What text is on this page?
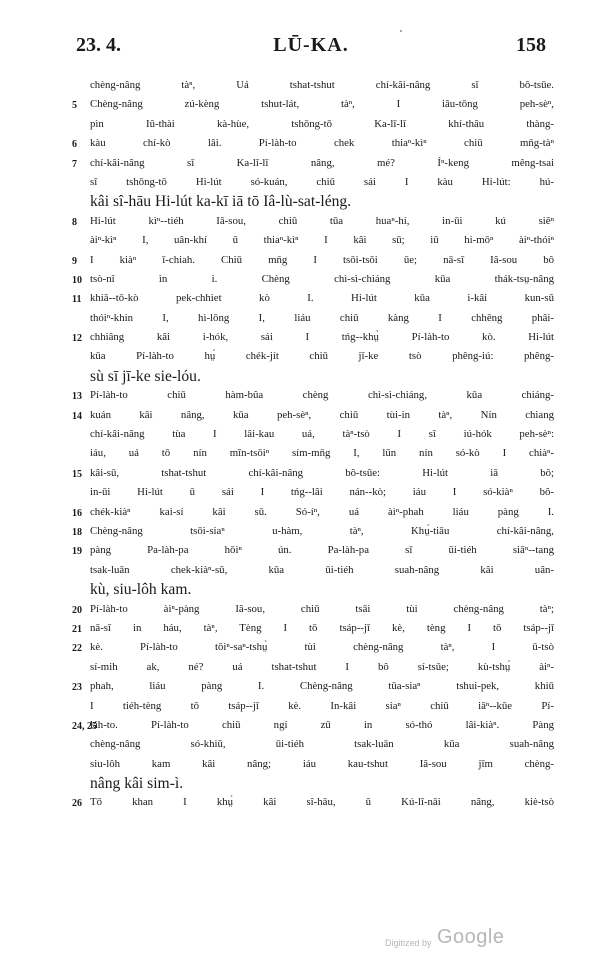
23. 4.	LŪ-KA.	158
chèng-nâng tàⁿ, Uá tshat-tshut chí-kâi-nâng sī bô-tsūe.
5	Chèng-nâng zú-kèng tshut-lát, tàⁿ, I iâu-tōng peh-sèⁿ,
pìn Iû-thài kà-hùe, tshōng-tō Ka-lī-lī khí-thâu thàng-
6	kàu chí-kò lâi. Pí-làh-to chek thiaⁿ-kìⁿ chiū mn̄g-tàⁿ
7	chí-kâi-nâng sī Ka-lī-lī nâng, mé? Íⁿ-keng mêng-tsai
sī tshōng-tō Hi-lút só-kuán, chiū sái I kàu Hi-lút: hú-
kâi sî-hāu Hi-lút ka-kī iā tō Iâ-lù-sat-léng.
8	Hi-lút kìⁿ-‑tiéh Iâ-sou, chiū tūa huaⁿ-hí, in-ūi kú siēⁿ
àiⁿ-kìⁿ I, uân-khí ū thiaⁿ-kìⁿ I kâi sū; iū hi-mōⁿ àiⁿ-thóiⁿ
9	I kiàⁿ ī-chiah. Chiū mn̄g I tsōi-tsōi ūe; nā-sī Iâ-sou bô
10 tsò-nî ìn i. Chèng chì-sì-chiáng kūa thák-tsṳ-nâng
11 khiā-‑tō-kò pek-chhiet kò I. Hi-lút kūa i-kâi kun-sū
thóiⁿ-khin I, hì-lōng I, liáu chiū kàng I chhēng phâi-
12 chhiâng kâi i-hók, sái I tńg-‑khṳ̀ Pí-làh-to kò. Hi-lút
kūa Pí-làh-to hṳ́ chék-jít chiū jī-ke tsò phêng-iú: phêng-
sù sī jī-ke sie-lóu.
13 Pí-làh-to chiū hàm-bûa chèng chì-sì-chiáng, kūa chiáng-
14 kuán kâi nâng, kūa peh-sèⁿ, chiū tùi-in tàⁿ, Nín chiang
chí-kâi-nâng tùa I lâi-kau uá, tàⁿ-tsò I sī iú-hók peh-sèⁿ:
iáu, uá tō nín mīn-tsōiⁿ sím-mn̄g I, lūn nín só-kò I chiàⁿ-
15 kâi-sū, tshat-tshut chí-kâi-nâng bô-tsūe: Hi-lút iā bô;
in-ūi Hi-lút ū sái I tńg-‑lâi nán-‑kò; iáu I só-kiàⁿ bô-
16 chék-kiàⁿ kai-sí kâi sū. Só-íⁿ, uá àiⁿ-phah liáu pàng I.
18 Chèng-nâng tsōi-siaⁿ u-hàm, tàⁿ, Khṳ́-tiāu chí-kâi-nâng,
19 pàng Pa-làh-pa hōiⁿ ún. Pa-làh-pa sī ūi-tiéh siāⁿ-‑tang
tsak-luān chek-kiàⁿ-sū, kūa ūi-tiéh suah-nâng kâi uân-
kù, siu-lôh kam.
20 Pí-làh-to àiⁿ-pàng Iâ-sou, chiū tsāi tùi chèng-nâng tàⁿ;
21 nā-sī in háu, tàⁿ, Tèng I tō tsáp-‑jī kè, tèng I tō tsáp-‑jī
22 kè. Pí-làh-to tōiⁿ-saⁿ-tshṳ̀ tùi chèng-nâng tàⁿ, I ū-tsò
sí-mih ak, né? uá tshat-tshut I bô sí-tsūe; kù-tshṳ́ àiⁿ-
23 phah, liáu pàng I. Chèng-nâng tūa-siaⁿ tshui-pek, khiū
I tiéh-tèng tō tsáp-‑jī kè. In-kâi siaⁿ chiū iāⁿ-‑kūe Pí-
24, 25
láh-to. Pí-làh-to chiū ngí zū in só-thó lâi-kiàⁿ. Pàng
chèng-nâng só-khiū, ūi-tiéh tsak-luān kūa suah-nâng
siu-lôh kam kâi nâng; iáu kau-tshut Iâ-sou jīm chèng-
nâng kâi sim-ì.
26 Tō khan I khṳ̀ kâi sî-hāu, ū Kú-lī-nāi nâng, kiè-tsò
Digitized by Google
